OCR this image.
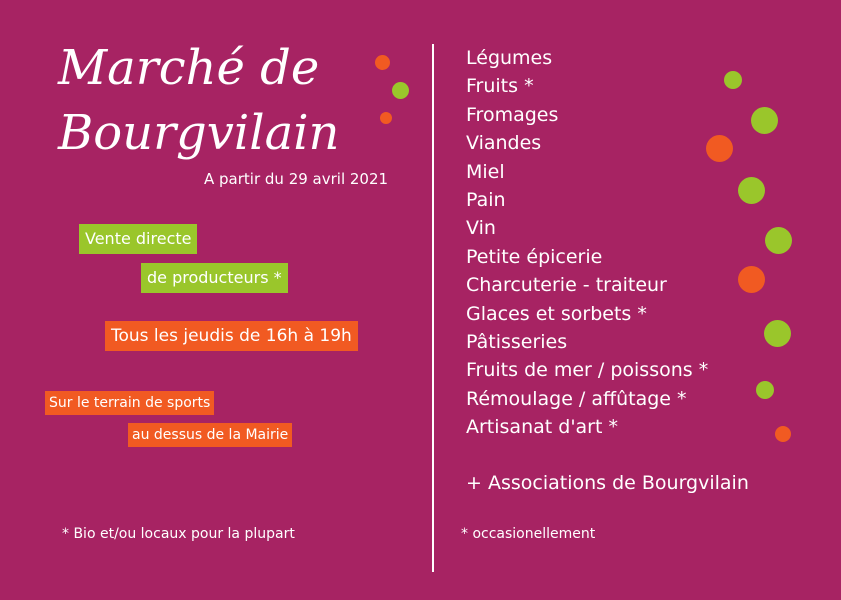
Marché de
Bourgvilain
A partir du 29 avril 2021
Vente directe
de producteurs *
Tous les jeudis de 16h à 19h
Sur le terrain de sports
au dessus de la Mairie
* Bio et/ou locaux pour la plupart
Légumes
Fruits *
Fromages
Viandes
Miel
Pain
Vin
Petite épicerie
Charcuterie - traiteur
Glaces et sorbets *
Pâtisseries
Fruits de mer / poissons *
Rémoulage / affûtage *
Artisanat d'art *
+ Associations de Bourgvilain
* occasionellement
